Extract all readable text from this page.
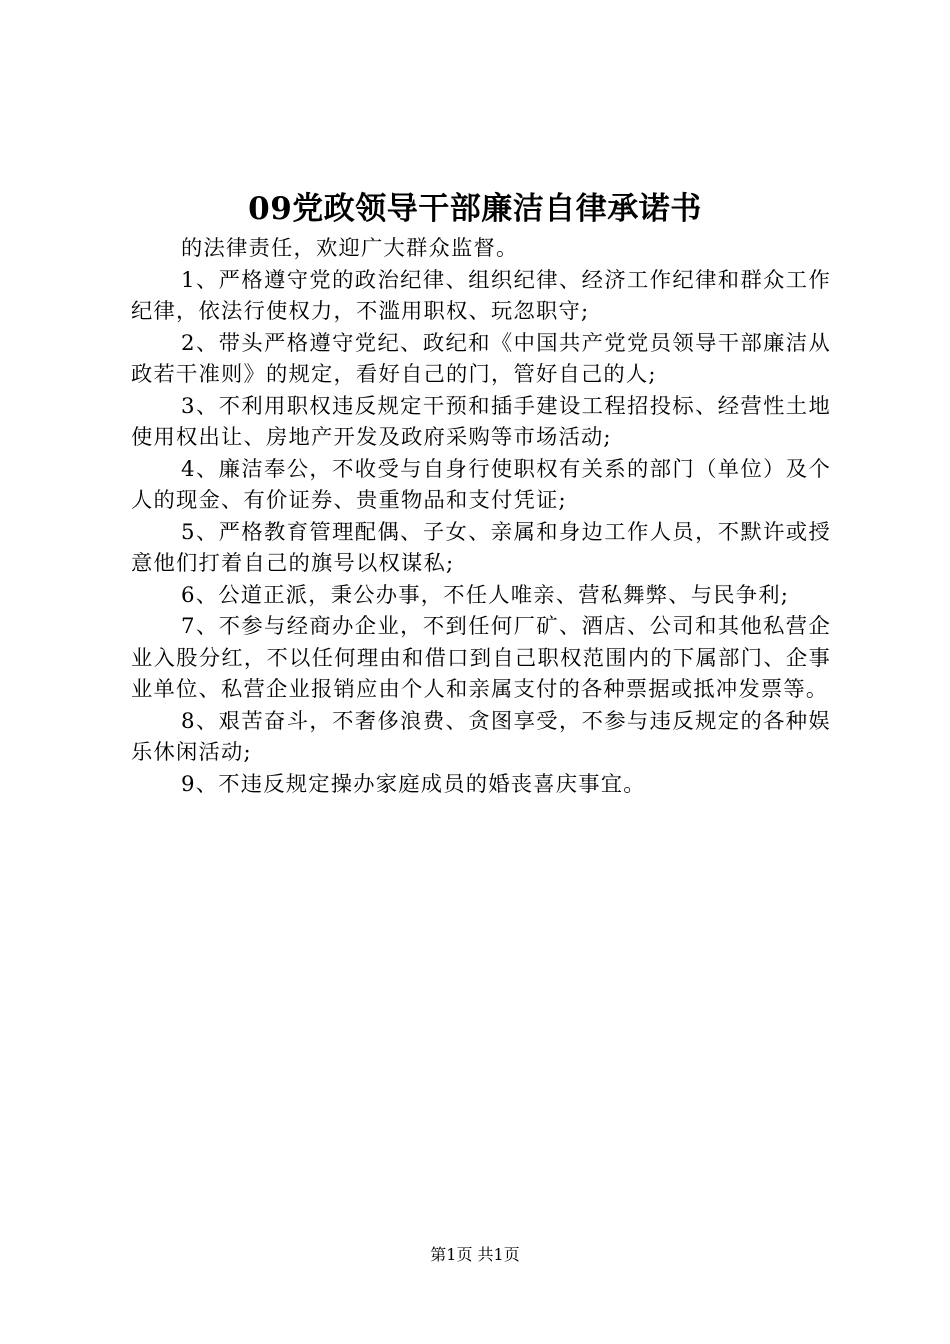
09党政领导干部廉洁自律承诺书

的法律责任，欢迎广大群众监督。

1、严格遵守党的政治纪律、组织纪律、经济工作纪律和群众工作纪律，依法行使权力，不滥用职权、玩忽职守;

2、带头严格遵守党纪、政纪和《中国共产党党员领导干部廉洁从政若干准则》的规定，看好自己的门，管好自己的人;

3、不利用职权违反规定干预和插手建设工程招投标、经营性土地使用权出让、房地产开发及政府采购等市场活动;

4、廉洁奉公，不收受与自身行使职权有关系的部门（单位）及个人的现金、有价证券、贵重物品和支付凭证;

5、严格教育管理配偶、子女、亲属和身边工作人员，不默许或授意他们打着自己的旗号以权谋私;

6、公道正派，秉公办事，不任人唯亲、营私舞弊、与民争利;

7、不参与经商办企业，不到任何厂矿、酒店、公司和其他私营企业入股分红，不以任何理由和借口到自己职权范围内的下属部门、企事业单位、私营企业报销应由个人和亲属支付的各种票据或抵冲发票等。

8、艰苦奋斗，不奢侈浪费、贪图享受，不参与违反规定的各种娱乐休闲活动;

9、不违反规定操办家庭成员的婚丧喜庆事宜。

第1页 共1页
